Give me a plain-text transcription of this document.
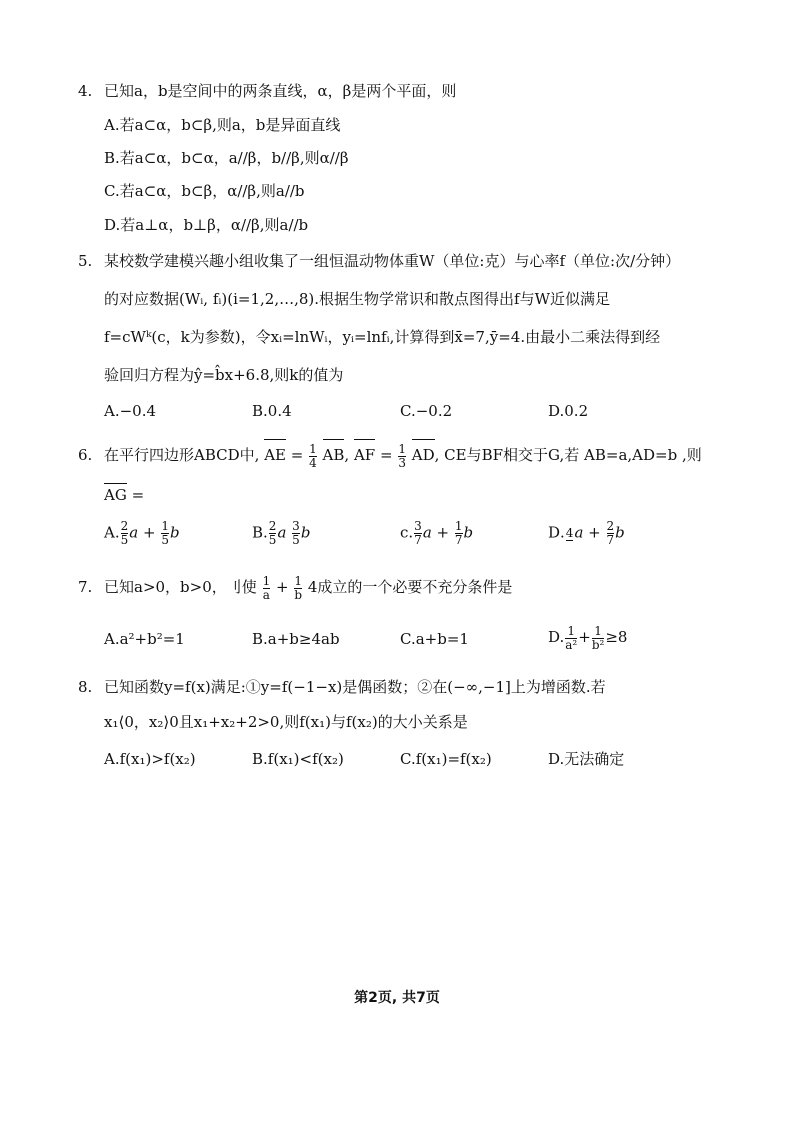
4. 已知a，b是空间中的两条直线，α，β是两个平面，则
A.若a⊂α，b⊂β,则a，b是异面直线
B.若a⊂α，b⊂α，a//β，b//β,则α//β
C.若a⊂α，b⊂β，α//β,则a//b
D.若a⊥α，b⊥β，α//β,则a//b
5. 某校数学建模兴趣小组收集了一组恒温动物体重W（单位:克）与心率f（单位:次/分钟）
的对应数据(Wᵢ, fᵢ)(i=1,2,…,8).根据生物学常识和散点图得出f与W近似满足
f=cWᵏ(c，k为参数)，令xᵢ=lnWᵢ，yᵢ=lnfᵢ,计算得到x̄=7,ȳ=4.由最小二乘法得到经
验回归方程为ŷ=b̂x+6.8,则k的值为
A.−0.4	B.0.4	C.−0.2	D.0.2
6. 在平行四边形ABCD中, AE = $\frac{1}{4}$ AB, AF = $\frac{1}{3}$ AD, CE与BF相交于G,若 AB=a,AD=b ,则
AG =
A. $\frac{2}{5}$ $a + \frac{1}{5}$ b	B. $\frac{2}{5}$ a $\frac{3}{5}$ b	ⅽ. $\frac{3}{7}$ $a + \frac{1}{7}$ b	Ⅾ. 4 $a + \frac{2}{7}$ b
7. 已知a>0，b>0，刂使 $\frac{1}{a} + \frac{1}{b} 4$成立的一个必要不充分条件是
A.a²+b²=1	B.a+b≥4ab	C.a+b=1	D. $\frac{1}{\text{a²}} + \frac{1}{\text{b²}} \ge 8$
8. 已知函数y=f(x)满足:①y=f(−1−x)是偶函数；②在(−∞,−1]上为增函数.若
x₁⟨0，x₂⟩0且x₁+x₂+2>0,则f(x₁)与f(x₂)的大小关系是
A.f(x₁)>f(x₂)	B.f(x₁)<f(x₂)	C.f(x₁)=f(x₂)	D.无法确定
第2页, 共7页
